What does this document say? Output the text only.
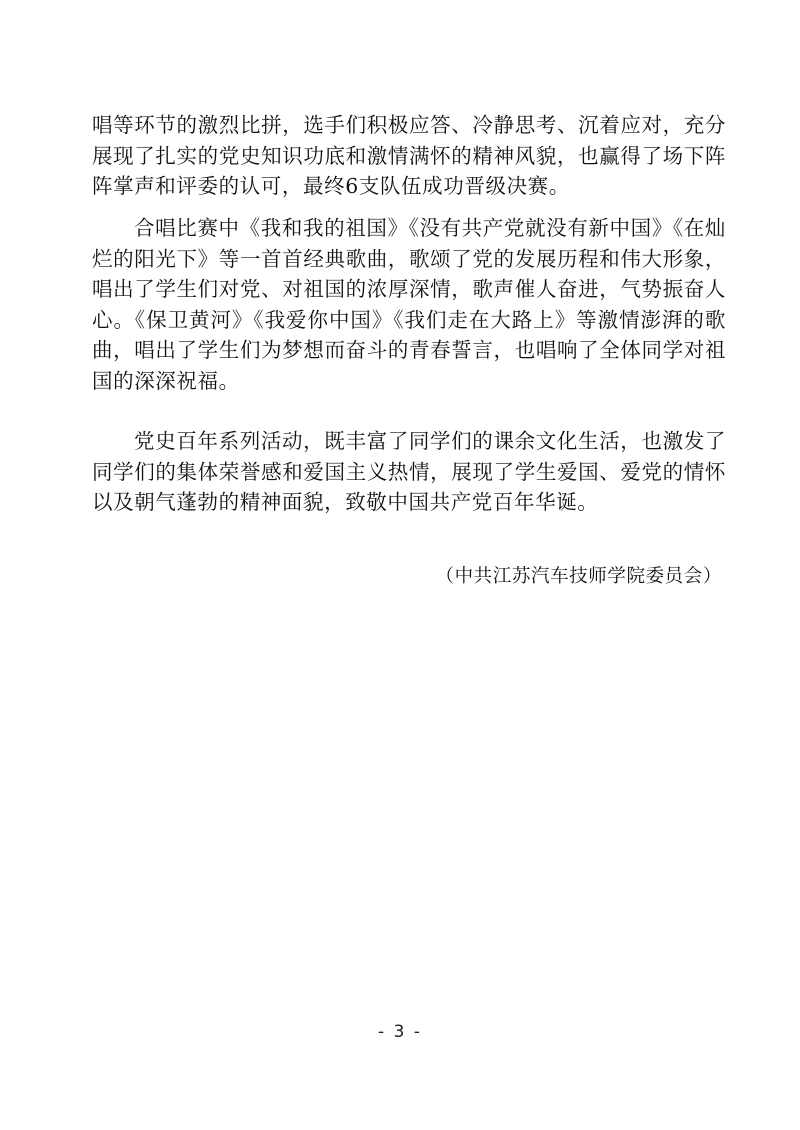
唱等环节的激烈比拼，选手们积极应答、冷静思考、沉着应对，充分展现了扎实的党史知识功底和激情满怀的精神风貌，也赢得了场下阵阵掌声和评委的认可，最终6支队伍成功晋级决赛。

合唱比赛中《我和我的祖国》《没有共产党就没有新中国》《在灿烂的阳光下》等一首首经典歌曲，歌颂了党的发展历程和伟大形象，唱出了学生们对党、对祖国的浓厚深情，歌声催人奋进，气势振奋人心。《保卫黄河》《我爱你中国》《我们走在大路上》等激情澎湃的歌曲，唱出了学生们为梦想而奋斗的青春誓言，也唱响了全体同学对祖国的深深祝福。

党史百年系列活动，既丰富了同学们的课余文化生活，也激发了同学们的集体荣誉感和爱国主义热情，展现了学生爱国、爱党的情怀以及朝气蓬勃的精神面貌，致敬中国共产党百年华诞。

（中共江苏汽车技师学院委员会）
- 3 -
